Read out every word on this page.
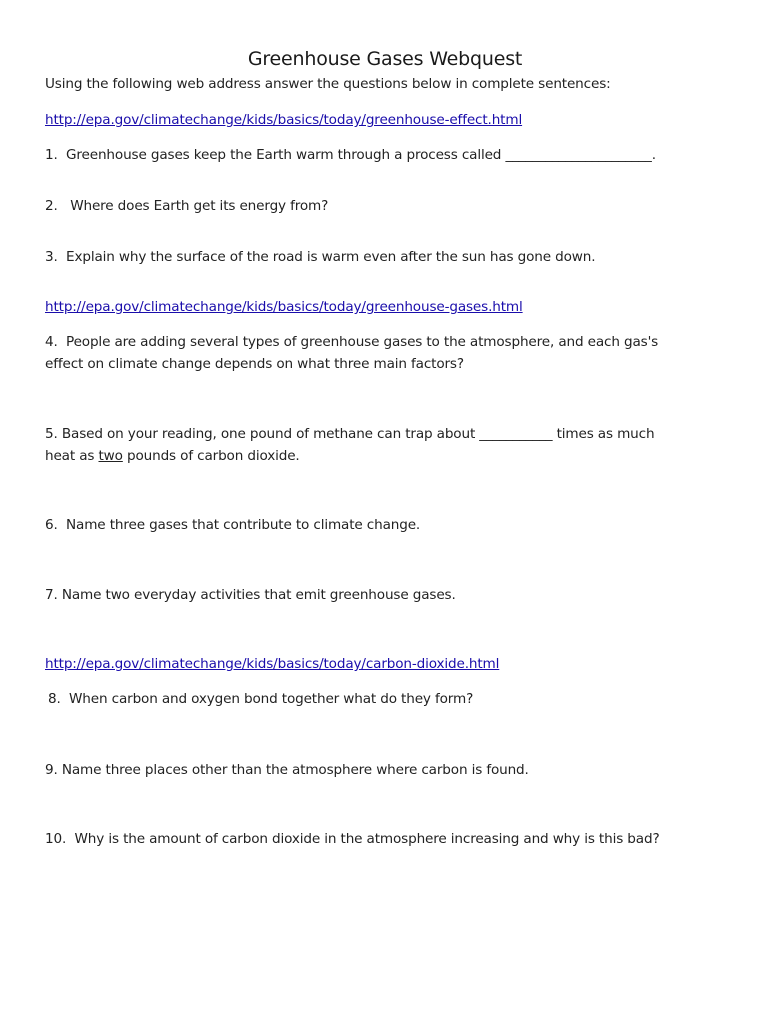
Greenhouse Gases Webquest
Using the following web address answer the questions below in complete sentences:
http://epa.gov/climatechange/kids/basics/today/greenhouse-effect.html
1. Greenhouse gases keep the Earth warm through a process called ______________________.
2. Where does Earth get its energy from?
3. Explain why the surface of the road is warm even after the sun has gone down.
http://epa.gov/climatechange/kids/basics/today/greenhouse-gases.html
4. People are adding several types of greenhouse gases to the atmosphere, and each gas's
effect on climate change depends on what three main factors?
5. Based on your reading, one pound of methane can trap about ___________ times as much
heat as two pounds of carbon dioxide.
6. Name three gases that contribute to climate change.
7. Name two everyday activities that emit greenhouse gases.
http://epa.gov/climatechange/kids/basics/today/carbon-dioxide.html
8. When carbon and oxygen bond together what do they form?
9. Name three places other than the atmosphere where carbon is found.
10. Why is the amount of carbon dioxide in the atmosphere increasing and why is this bad?
